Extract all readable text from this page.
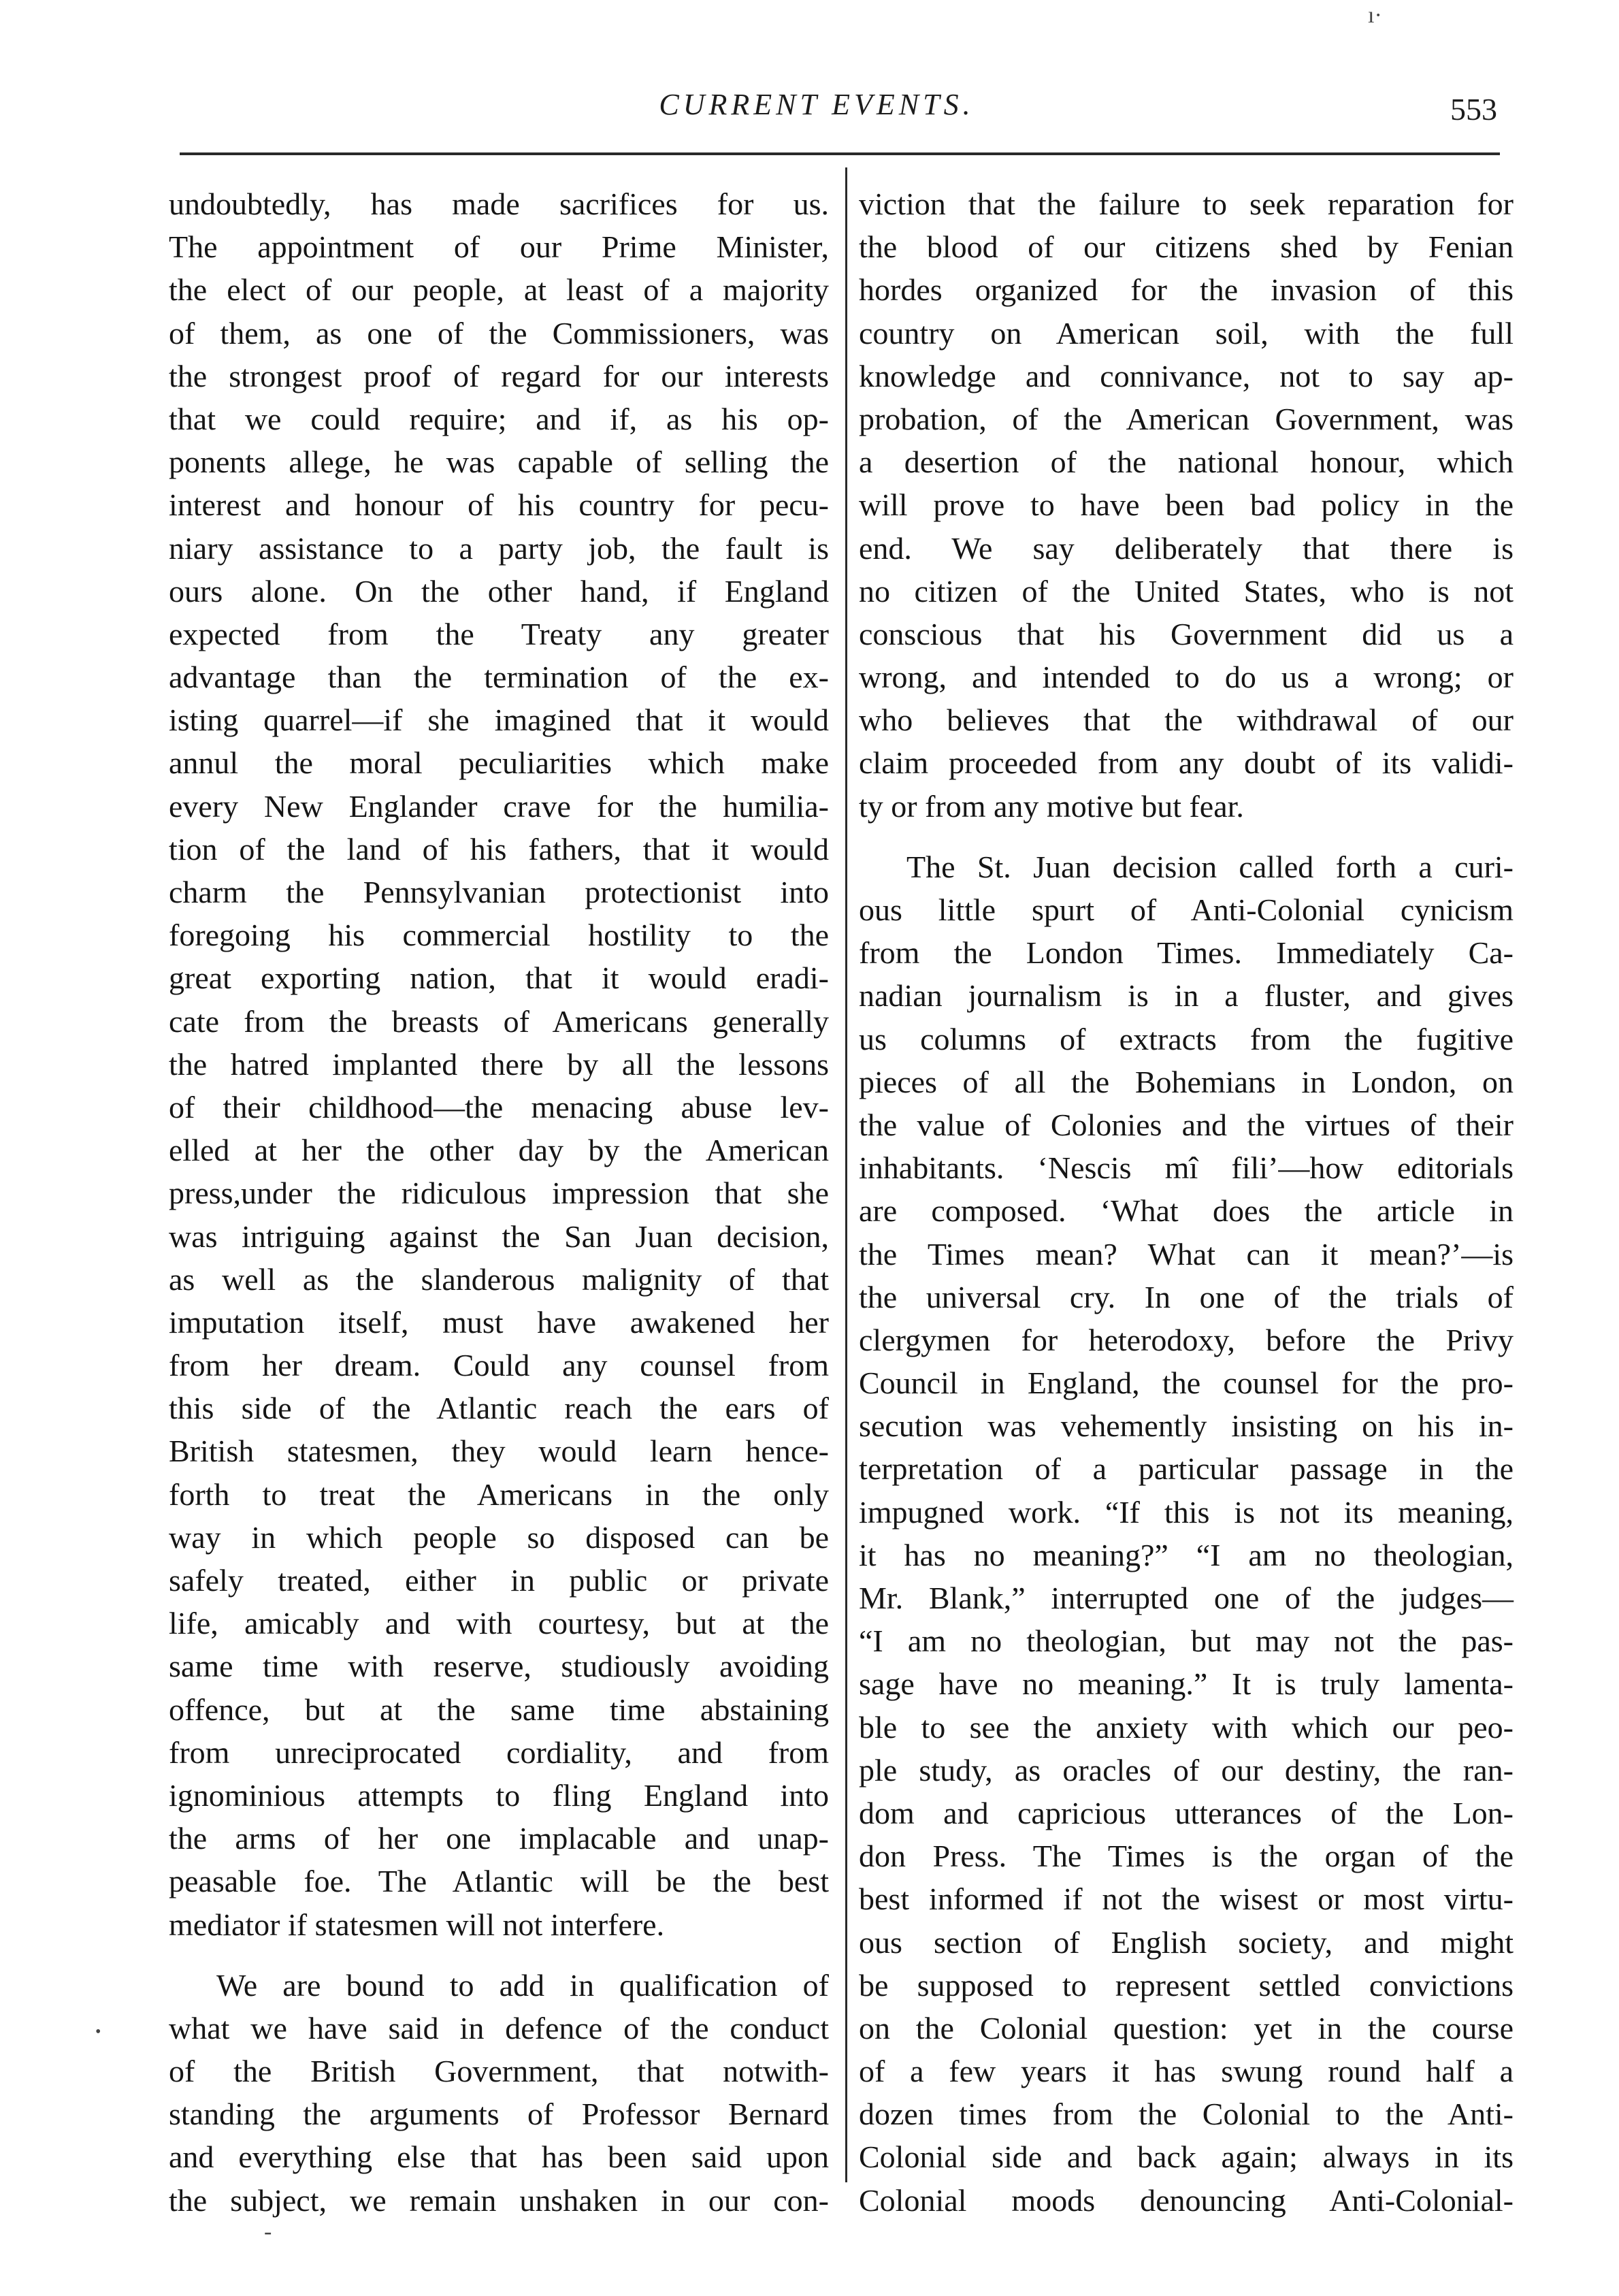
CURRENT EVENTS.	553
ı·
•
-
undoubtedly, has made sacrifices for us.
The appointment of our Prime Minister,
the elect of our people, at least of a majority
of them, as one of the Commissioners, was
the strongest proof of regard for our interests
that we could require; and if, as his op-
ponents allege, he was capable of selling the
interest and honour of his country for pecu-
niary assistance to a party job, the fault is
ours alone. On the other hand, if England
expected from the Treaty any greater
advantage than the termination of the ex-
isting quarrel—if she imagined that it would
annul the moral peculiarities which make
every New Englander crave for the humilia-
tion of the land of his fathers, that it would
charm the Pennsylvanian protectionist into
foregoing his commercial hostility to the
great exporting nation, that it would eradi-
cate from the breasts of Americans generally
the hatred implanted there by all the lessons
of their childhood—the menacing abuse lev-
elled at her the other day by the American
press,under the ridiculous impression that she
was intriguing against the San Juan decision,
as well as the slanderous malignity of that
imputation itself, must have awakened her
from her dream. Could any counsel from
this side of the Atlantic reach the ears of
British statesmen, they would learn hence-
forth to treat the Americans in the only
way in which people so disposed can be
safely treated, either in public or private
life, amicably and with courtesy, but at the
same time with reserve, studiously avoiding
offence, but at the same time abstaining
from unreciprocated cordiality, and from
ignominious attempts to fling England into
the arms of her one implacable and unap-
peasable foe. The Atlantic will be the best
mediator if statesmen will not interfere.
We are bound to add in qualification of
what we have said in defence of the conduct
of the British Government, that notwith-
standing the arguments of Professor Bernard
and everything else that has been said upon
the subject, we remain unshaken in our con-
viction that the failure to seek reparation for
the blood of our citizens shed by Fenian
hordes organized for the invasion of this
country on American soil, with the full
knowledge and connivance, not to say ap-
probation, of the American Government, was
a desertion of the national honour, which
will prove to have been bad policy in the
end. We say deliberately that there is
no citizen of the United States, who is not
conscious that his Government did us a
wrong, and intended to do us a wrong; or
who believes that the withdrawal of our
claim proceeded from any doubt of its validi-
ty or from any motive but fear.
The St. Juan decision called forth a curi-
ous little spurt of Anti-Colonial cynicism
from the London Times. Immediately Ca-
nadian journalism is in a fluster, and gives
us columns of extracts from the fugitive
pieces of all the Bohemians in London, on
the value of Colonies and the virtues of their
inhabitants. ‘Nescis mî fili’—how editorials
are composed. ‘What does the article in
the Times mean? What can it mean?’—is
the universal cry. In one of the trials of
clergymen for heterodoxy, before the Privy
Council in England, the counsel for the pro-
secution was vehemently insisting on his in-
terpretation of a particular passage in the
impugned work. “If this is not its meaning,
it has no meaning?” “I am no theologian,
Mr. Blank,” interrupted one of the judges—
“I am no theologian, but may not the pas-
sage have no meaning.” It is truly lamenta-
ble to see the anxiety with which our peo-
ple study, as oracles of our destiny, the ran-
dom and capricious utterances of the Lon-
don Press. The Times is the organ of the
best informed if not the wisest or most virtu-
ous section of English society, and might
be supposed to represent settled convictions
on the Colonial question: yet in the course
of a few years it has swung round half a
dozen times from the Colonial to the Anti-
Colonial side and back again; always in its
Colonial moods denouncing Anti-Colonial-
